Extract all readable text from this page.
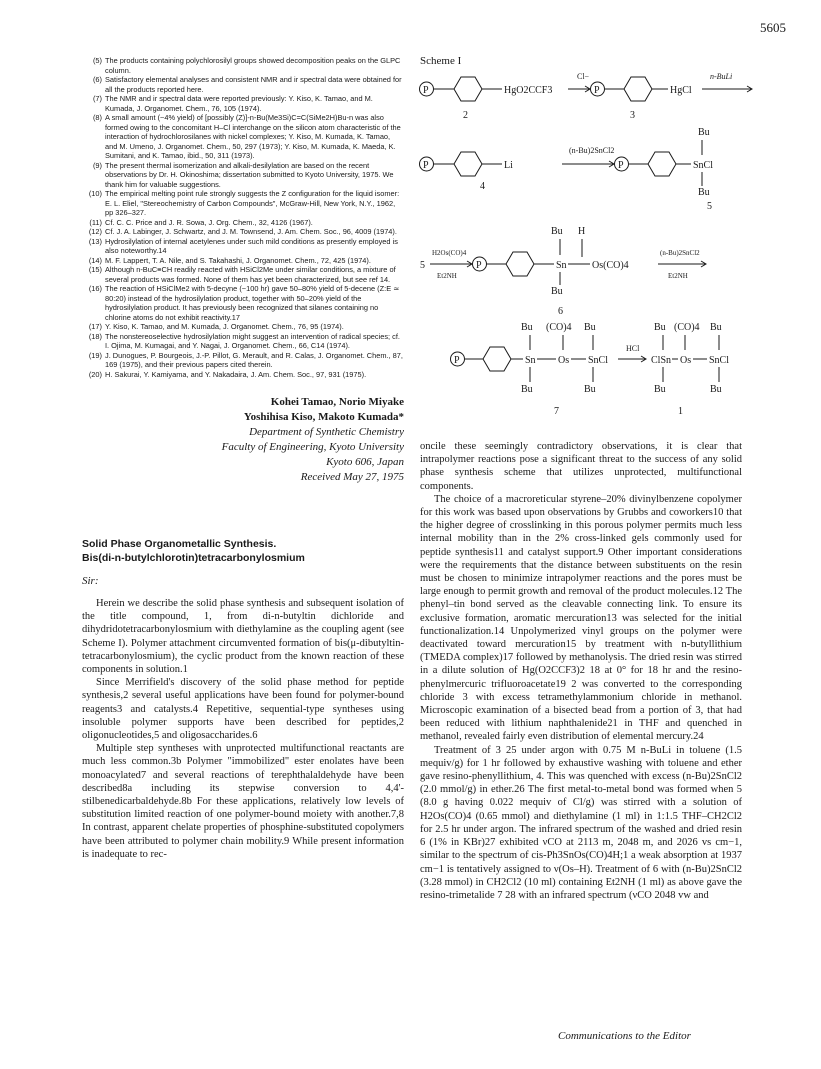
5605
(5) The products containing polychlorosilyl groups showed decomposition peaks on the GLPC column.
(6) Satisfactory elemental analyses and consistent NMR and ir spectral data were obtained for all the products reported here.
(7) The NMR and ir spectral data were reported previously: Y. Kiso, K. Tamao, and M. Kumada, J. Organomet. Chem., 76, 105 (1974).
(8) A small amount (~4% yield) of [possibly (Z)]-n-Bu(Me3Si)C=C(SiMe2H)Bu-n was also formed owing to the concomitant H–Cl interchange on the silicon atom characteristic of the interaction of hydrochlorosilanes with nickel complexes; Y. Kiso, M. Kumada, K. Tamao, and M. Umeno, J. Organomet. Chem., 50, 297 (1973); Y. Kiso, M. Kumada, K. Maeda, K. Sumitani, and K. Tamao, ibid., 50, 311 (1973).
(9) The present thermal isomerization and alkali-desilylation are based on the recent observations by Dr. H. Okinoshima; dissertation submitted to Kyoto University, 1975. We thank him for valuable suggestions.
(10) The empirical melting point rule strongly suggests the Z configuration for the liquid isomer: E. L. Eliel, "Stereochemistry of Carbon Compounds", McGraw-Hill, New York, N.Y., 1962, pp 326–327.
(11) Cf. C. C. Price and J. R. Sowa, J. Org. Chem., 32, 4126 (1967).
(12) Cf. J. A. Labinger, J. Schwartz, and J. M. Townsend, J. Am. Chem. Soc., 96, 4009 (1974).
(13) Hydrosilylation of internal acetylenes under such mild conditions as presently employed is also noteworthy.14
(14) M. F. Lappert, T. A. Nile, and S. Takahashi, J. Organomet. Chem., 72, 425 (1974).
(15) Although n-BuC≡CH readily reacted with HSiCl2Me under similar conditions, a mixture of several products was formed. None of them has yet been characterized, but see ref 14.
(16) The reaction of HSiClMe2 with 5-decyne (~100 hr) gave 50–80% yield of 5-decene (Z:E ≃ 80:20) instead of the hydrosilylation product, together with 50–20% yield of the hydrosilylation product. It has previously been recognized that silanes containing no chlorine atoms do not exhibit reactivity.17
(17) Y. Kiso, K. Tamao, and M. Kumada, J. Organomet. Chem., 76, 95 (1974).
(18) The nonstereoselective hydrosilylation might suggest an intervention of radical species; cf. I. Ojima, M. Kumagai, and Y. Nagai, J. Organomet. Chem., 66, C14 (1974).
(19) J. Dunogues, P. Bourgeois, J.-P. Pillot, G. Merault, and R. Calas, J. Organomet. Chem., 87, 169 (1975), and their previous papers cited therein.
(20) H. Sakurai, Y. Kamiyama, and Y. Nakadaira, J. Am. Chem. Soc., 97, 931 (1975).
Kohei Tamao, Norio Miyake
Yoshihisa Kiso, Makoto Kumada*
Department of Synthetic Chemistry
Faculty of Engineering, Kyoto University
Kyoto 606, Japan
Received May 27, 1975
Solid Phase Organometallic Synthesis.
Bis(di-n-butylchlorotin)tetracarbonylosmium
Sir:

Herein we describe the solid phase synthesis and subsequent isolation of the title compound, 1, from di-n-butyltin dichloride and dihydridotetracarbonylosmium with diethylamine as the coupling agent (see Scheme I). Polymer attachment circumvented formation of bis(μ-dibutyltin-tetracarbonylosmium), the cyclic product from the known reaction of these components in solution.1

Since Merrifield's discovery of the solid phase method for peptide synthesis,2 several useful applications have been found for polymer-bound reagents3 and catalysts.4 Repetitive, sequential-type syntheses using insoluble polymer supports have been described for peptides,2 oligonucleotides,5 and oligosaccharides.6

Multiple step syntheses with unprotected multifunctional reactants are much less common.3b Polymer "immobilized" ester enolates have been monoacylated7 and several reactions of terephthalaldehyde have been described8a including its stepwise conversion to 4,4'-stilbenedicarbaldehyde.8b For these applications, relatively low levels of substitution limited reaction of one polymer-bound moiety with another.7,8 In contrast, apparent chelate properties of phosphine-substituted copolymers have been attributed to polymer chain mobility.9 While present information is inadequate to rec-

Scheme I
P	HgO2CCF3
Cl−
P	HgCl
n-BuLi
2	3
P	Li
(n-Bu)2SnCl2
P	SnCl
Bu
Bu
4
5
5
H2Os(CO)4
Et2NH
P	Sn	Os(CO)4
Bu H
Bu
(n-Bu)2SnCl2
Et2NH
6
P	Sn Os SnCl
Bu (CO)4 Bu
Bu	Bu
HCl
ClSn Os SnCl
Bu (CO)4 Bu
Bu	Bu
7	1

oncile these seemingly contradictory observations, it is clear that intrapolymer reactions pose a significant threat to the success of any solid phase synthesis scheme that utilizes unprotected, multifunctional components.

The choice of a macroreticular styrene–20% divinylbenzene copolymer for this work was based upon observations by Grubbs and coworkers10 that the higher degree of crosslinking in this porous polymer permits much less internal mobility than in the 2% cross-linked gels commonly used for peptide synthesis11 and catalyst support.9 Other important considerations were the requirements that the distance between substituents on the resin must be chosen to minimize intrapolymer reactions and the pores must be large enough to permit growth and removal of the product molecules.12 The phenyl–tin bond served as the cleavable connecting link. To ensure its exclusive formation, aromatic mercuration13 was selected for the initial functionalization.14 Unpolymerized vinyl groups on the polymer were deactivated toward mercuration15 by treatment with n-butyllithium (TMEDA complex)17 followed by methanolysis. The dried resin was stirred in a dilute solution of Hg(O2CCF3)2 18 at 0° for 18 hr and the resino-phenylmercuric trifluoroacetate19 2 was converted to the corresponding chloride 3 with excess tetramethylammonium chloride in methanol. Microscopic examination of a bisected bead from a portion of 3, that had been reduced with lithium naphthalenide21 in THF and quenched in methanol, revealed fairly even distribution of elemental mercury.24

Treatment of 3 25 under argon with 0.75 M n-BuLi in toluene (1.5 mequiv/g) for 1 hr followed by exhaustive washing with toluene and ether gave resino-phenyllithium, 4. This was quenched with excess (n-Bu)2SnCl2 (2.0 mmol/g) in ether.26 The first metal-to-metal bond was formed when 5 (8.0 g having 0.022 mequiv of Cl/g) was stirred with a solution of H2Os(CO)4 (0.65 mmol) and diethylamine (1 ml) in 1:1.5 THF–CH2Cl2 for 2.5 hr under argon. The infrared spectrum of the washed and dried resin 6 (1% in KBr)27 exhibited νCO at 2113 m, 2048 m, and 2026 vs cm−1, similar to the spectrum of cis-Ph3SnOs(CO)4H;1 a weak absorption at 1937 cm−1 is tentatively assigned to ν(Os–H). Treatment of 6 with (n-Bu)2SnCl2 (3.28 mmol) in CH2Cl2 (10 ml) containing Et2NH (1 ml) as above gave the resino-trimetalide 7 28 with an infrared spectrum (νCO 2048 vw and

Communications to the Editor
